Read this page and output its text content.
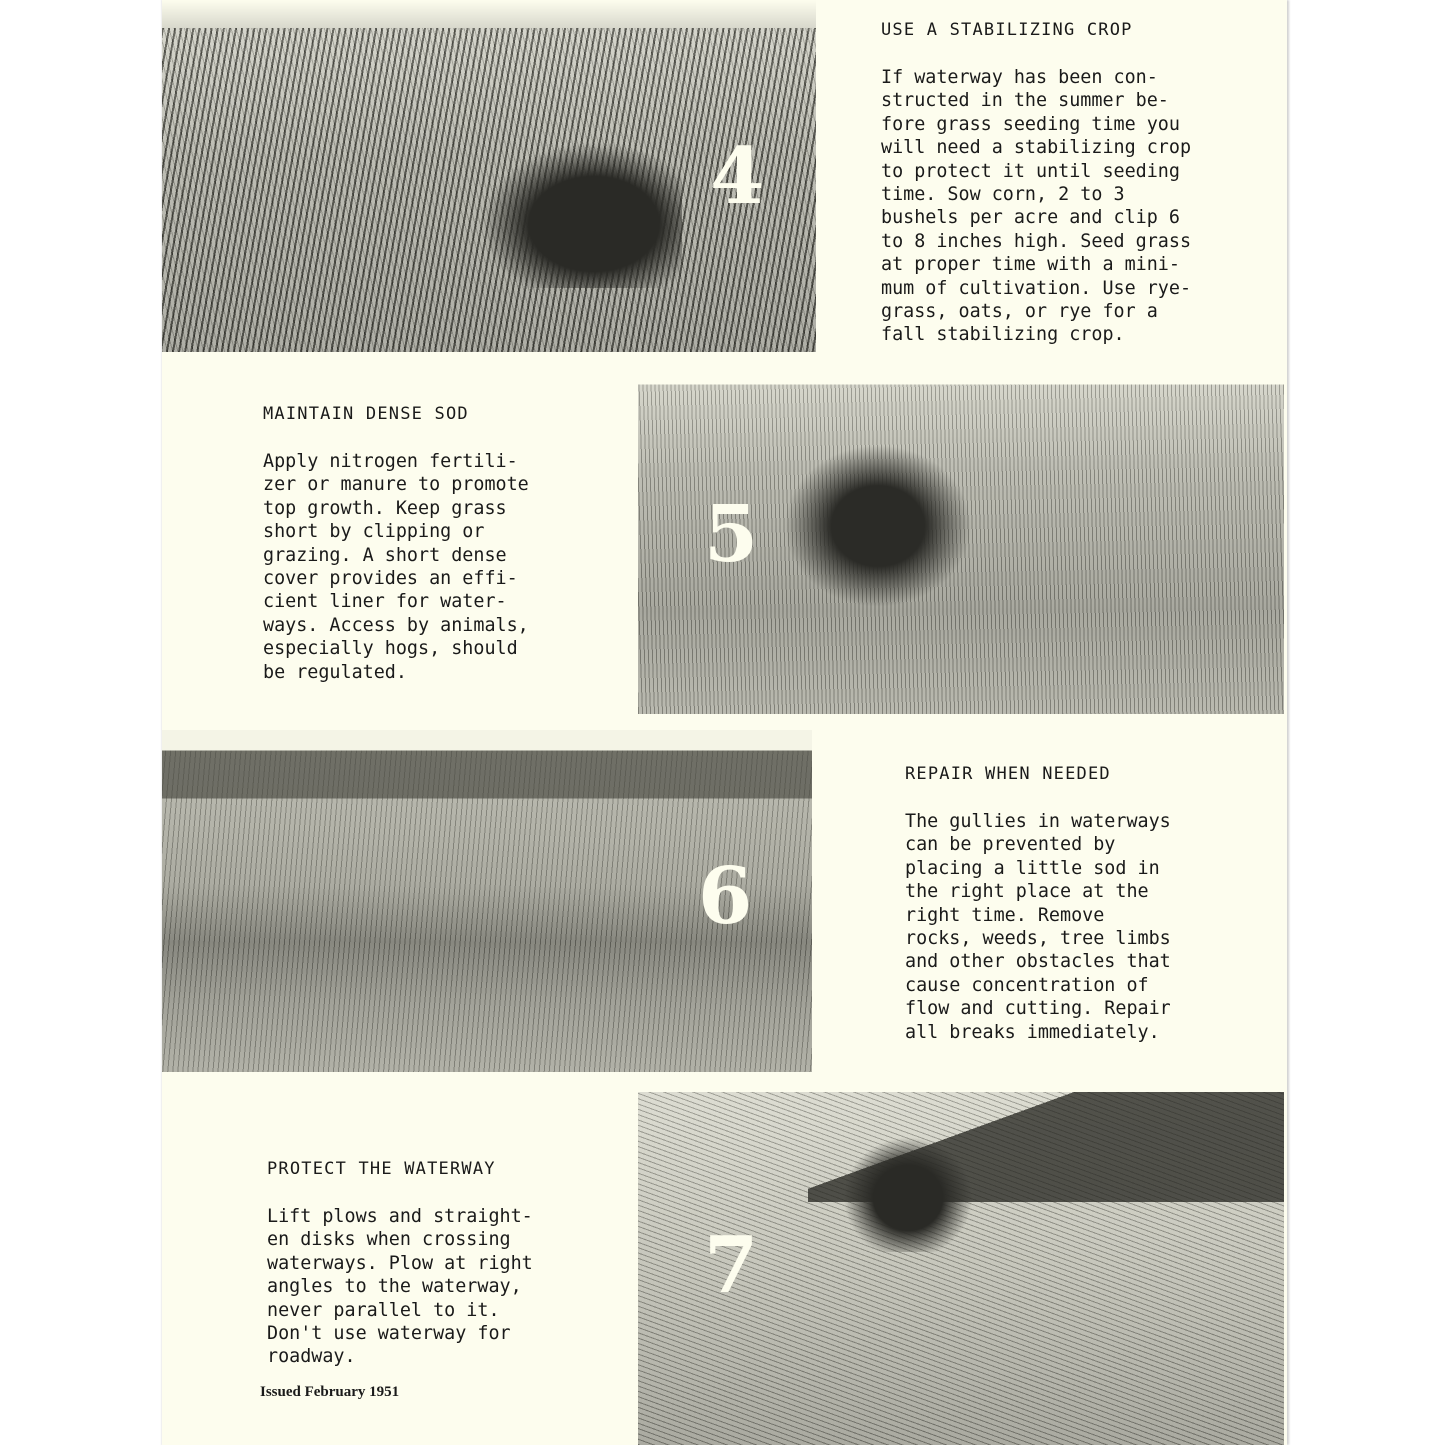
4
USE A STABILIZING CROP
If waterway has been con-
structed in the summer be-
fore grass seeding time you
will need a stabilizing crop
to protect it until seeding
time. Sow corn, 2 to 3
bushels per acre and clip 6
to 8 inches high. Seed grass
at proper time with a mini-
mum of cultivation. Use rye-
grass, oats, or rye for a
fall stabilizing crop.
MAINTAIN DENSE SOD
Apply nitrogen fertili-
zer or manure to promote
top growth. Keep grass
short by clipping or
grazing. A short dense
cover provides an effi-
cient liner for water-
ways. Access by animals,
especially hogs, should
be regulated.
5
6
REPAIR WHEN NEEDED
The gullies in waterways
can be prevented by
placing a little sod in
the right place at the
right time. Remove
rocks, weeds, tree limbs
and other obstacles that
cause concentration of
flow and cutting. Repair
all breaks immediately.
PROTECT THE WATERWAY
Lift plows and straight-
en disks when crossing
waterways. Plow at right
angles to the waterway,
never parallel to it.
Don't use waterway for
roadway.
7
Issued February 1951
